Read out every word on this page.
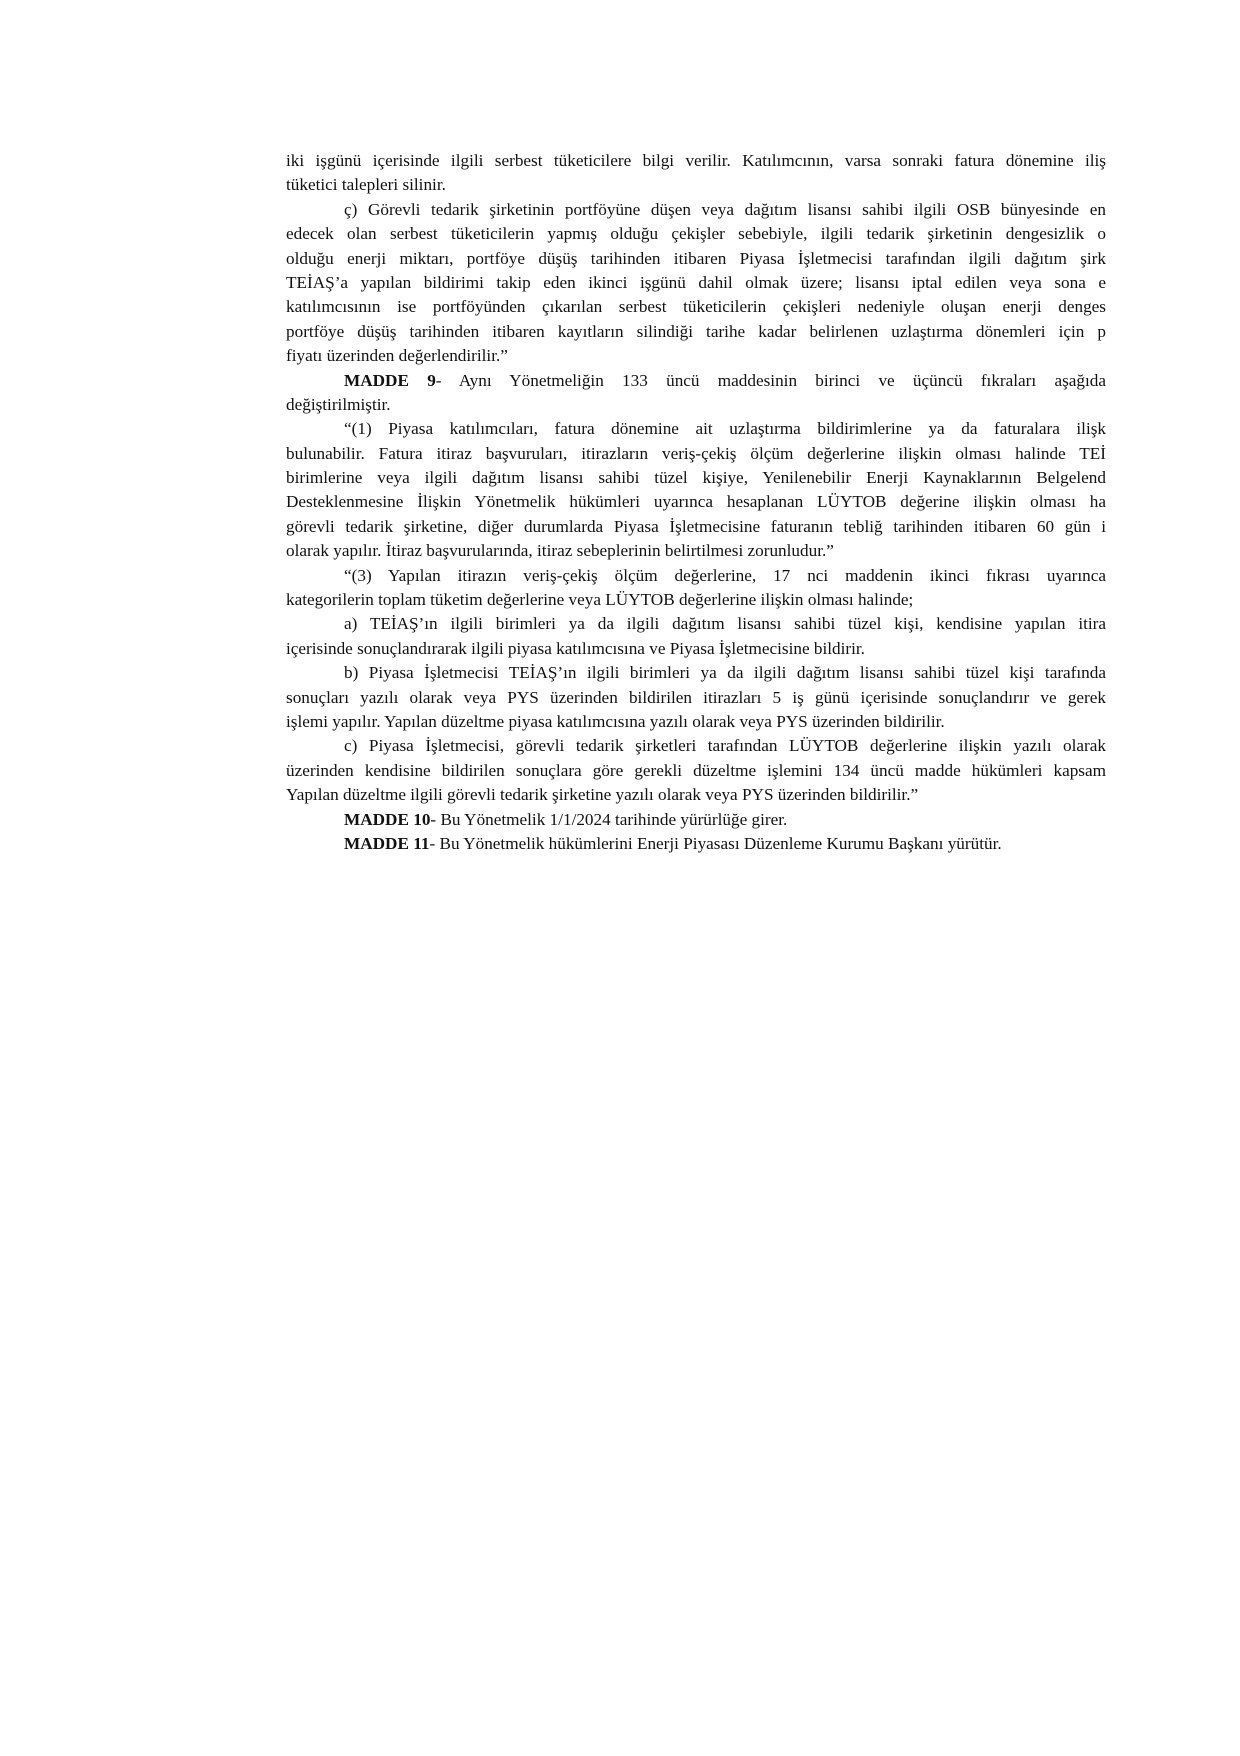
iki işgünü içerisinde ilgili serbest tüketicilere bilgi verilir. Katılımcının, varsa sonraki fatura dönemine iliş
tüketici talepleri silinir.
ç) Görevli tedarik şirketinin portföyüne düşen veya dağıtım lisansı sahibi ilgili OSB bünyesinde en
edecek olan serbest tüketicilerin yapmış olduğu çekişler sebebiyle, ilgili tedarik şirketinin dengesizlik o
olduğu enerji miktarı, portföye düşüş tarihinden itibaren Piyasa İşletmecisi tarafından ilgili dağıtım şirk
TEİAŞ’a yapılan bildirimi takip eden ikinci işgünü dahil olmak üzere; lisansı iptal edilen veya sona e
katılımcısının ise portföyünden çıkarılan serbest tüketicilerin çekişleri nedeniyle oluşan enerji denges
portföye düşüş tarihinden itibaren kayıtların silindiği tarihe kadar belirlenen uzlaştırma dönemleri için p
fiyatı üzerinden değerlendirilir.”
MADDE 9- Aynı Yönetmeliğin 133 üncü maddesinin birinci ve üçüncü fıkraları aşağıda
değiştirilmiştir.
“(1) Piyasa katılımcıları, fatura dönemine ait uzlaştırma bildirimlerine ya da faturalara ilişk
bulunabilir. Fatura itiraz başvuruları, itirazların veriş-çekiş ölçüm değerlerine ilişkin olması halinde TEİ
birimlerine veya ilgili dağıtım lisansı sahibi tüzel kişiye, Yenilenebilir Enerji Kaynaklarının Belgelend
Desteklenmesine İlişkin Yönetmelik hükümleri uyarınca hesaplanan LÜYTOB değerine ilişkin olması ha
görevli tedarik şirketine, diğer durumlarda Piyasa İşletmecisine faturanın tebliğ tarihinden itibaren 60 gün i
olarak yapılır. İtiraz başvurularında, itiraz sebeplerinin belirtilmesi zorunludur.”
“(3) Yapılan itirazın veriş-çekiş ölçüm değerlerine, 17 nci maddenin ikinci fıkrası uyarınca
kategorilerin toplam tüketim değerlerine veya LÜYTOB değerlerine ilişkin olması halinde;
a) TEİAŞ’ın ilgili birimleri ya da ilgili dağıtım lisansı sahibi tüzel kişi, kendisine yapılan itira
içerisinde sonuçlandırarak ilgili piyasa katılımcısına ve Piyasa İşletmecisine bildirir.
b) Piyasa İşletmecisi TEİAŞ’ın ilgili birimleri ya da ilgili dağıtım lisansı sahibi tüzel kişi tarafında
sonuçları yazılı olarak veya PYS üzerinden bildirilen itirazları 5 iş günü içerisinde sonuçlandırır ve gerek
işlemi yapılır. Yapılan düzeltme piyasa katılımcısına yazılı olarak veya PYS üzerinden bildirilir.
c) Piyasa İşletmecisi, görevli tedarik şirketleri tarafından LÜYTOB değerlerine ilişkin yazılı olarak
üzerinden kendisine bildirilen sonuçlara göre gerekli düzeltme işlemini 134 üncü madde hükümleri kapsam
Yapılan düzeltme ilgili görevli tedarik şirketine yazılı olarak veya PYS üzerinden bildirilir.”
MADDE 10- Bu Yönetmelik 1/1/2024 tarihinde yürürlüğe girer.
MADDE 11- Bu Yönetmelik hükümlerini Enerji Piyasası Düzenleme Kurumu Başkanı yürütür.
